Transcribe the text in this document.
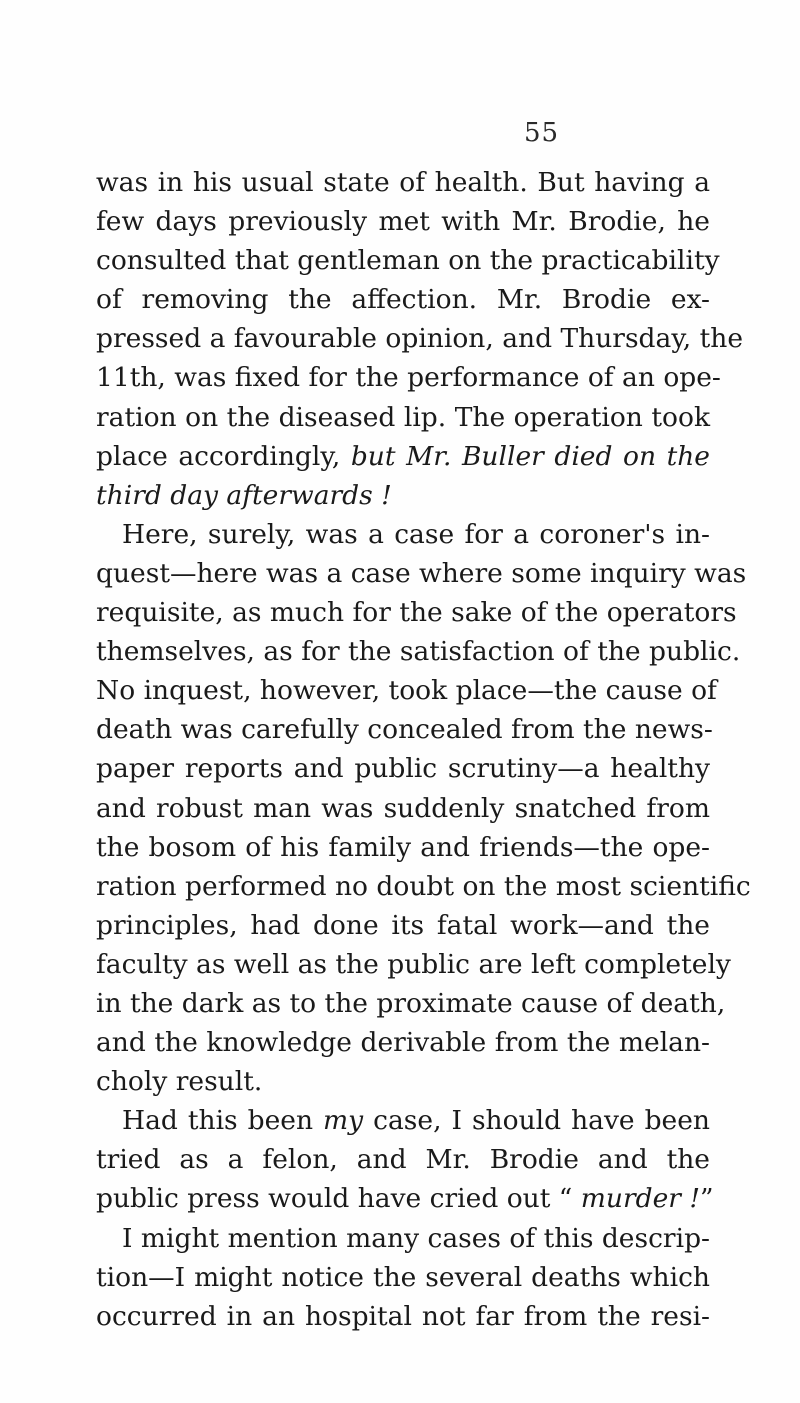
55
was in his usual state of health. But having a
few days previously met with Mr. Brodie, he
consulted that gentleman on the practicability
of removing the affection. Mr. Brodie ex-
pressed a favourable opinion, and Thursday, the
11th, was fixed for the performance of an ope-
ration on the diseased lip. The operation took
place accordingly, but Mr. Buller died on the
third day afterwards !
Here, surely, was a case for a coroner's in-
quest—here was a case where some inquiry was
requisite, as much for the sake of the operators
themselves, as for the satisfaction of the public.
No inquest, however, took place—the cause of
death was carefully concealed from the news-
paper reports and public scrutiny—a healthy
and robust man was suddenly snatched from
the bosom of his family and friends—the ope-
ration performed no doubt on the most scientific
principles, had done its fatal work—and the
faculty as well as the public are left completely
in the dark as to the proximate cause of death,
and the knowledge derivable from the melan-
choly result.
Had this been my case, I should have been
tried as a felon, and Mr. Brodie and the
public press would have cried out “ murder !”
I might mention many cases of this descrip-
tion—I might notice the several deaths which
occurred in an hospital not far from the resi-
